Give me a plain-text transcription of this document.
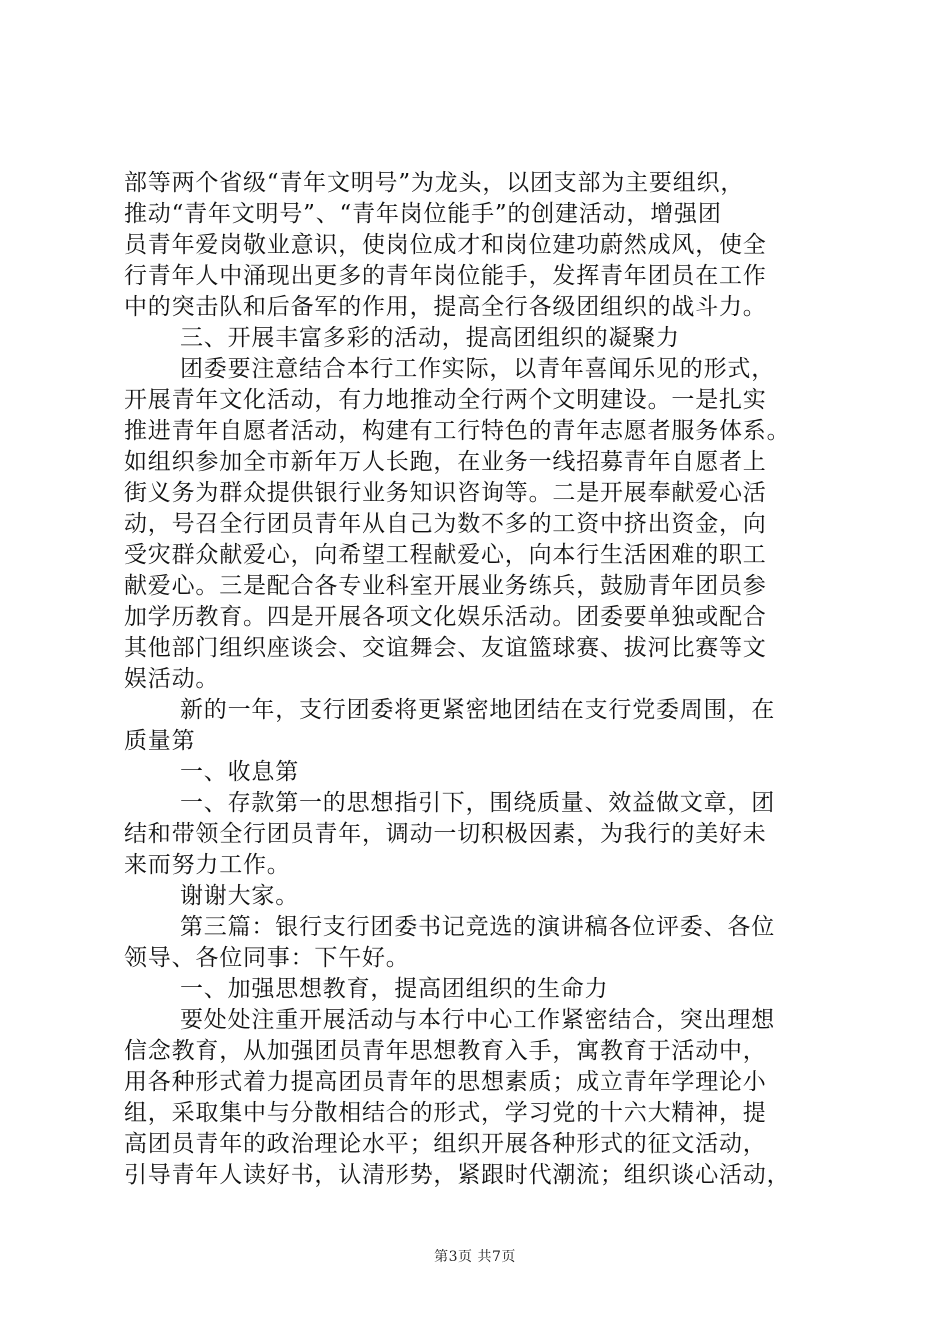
部等两个省级“青年文明号”为龙头，以团支部为主要组织，
推动“青年文明号”、“青年岗位能手”的创建活动，增强团
员青年爱岗敬业意识，使岗位成才和岗位建功蔚然成风，使全
行青年人中涌现出更多的青年岗位能手，发挥青年团员在工作
中的突击队和后备军的作用，提高全行各级团组织的战斗力。
三、开展丰富多彩的活动，提高团组织的凝聚力
团委要注意结合本行工作实际，以青年喜闻乐见的形式，
开展青年文化活动，有力地推动全行两个文明建设。一是扎实
推进青年自愿者活动，构建有工行特色的青年志愿者服务体系。
如组织参加全市新年万人长跑，在业务一线招募青年自愿者上
街义务为群众提供银行业务知识咨询等。二是开展奉献爱心活
动，号召全行团员青年从自己为数不多的工资中挤出资金，向
受灾群众献爱心，向希望工程献爱心，向本行生活困难的职工
献爱心。三是配合各专业科室开展业务练兵，鼓励青年团员参
加学历教育。四是开展各项文化娱乐活动。团委要单独或配合
其他部门组织座谈会、交谊舞会、友谊篮球赛、拔河比赛等文
娱活动。
新的一年，支行团委将更紧密地团结在支行党委周围，在
质量第
一、收息第
一、存款第一的思想指引下，围绕质量、效益做文章，团
结和带领全行团员青年，调动一切积极因素，为我行的美好未
来而努力工作。
谢谢大家。
第三篇：银行支行团委书记竞选的演讲稿各位评委、各位
领导、各位同事：下午好。
一、加强思想教育，提高团组织的生命力
要处处注重开展活动与本行中心工作紧密结合，突出理想
信念教育，从加强团员青年思想教育入手，寓教育于活动中，
用各种形式着力提高团员青年的思想素质；成立青年学理论小
组，采取集中与分散相结合的形式，学习党的十六大精神，提
高团员青年的政治理论水平；组织开展各种形式的征文活动，
引导青年人读好书，认清形势，紧跟时代潮流；组织谈心活动，
第3页 共7页
